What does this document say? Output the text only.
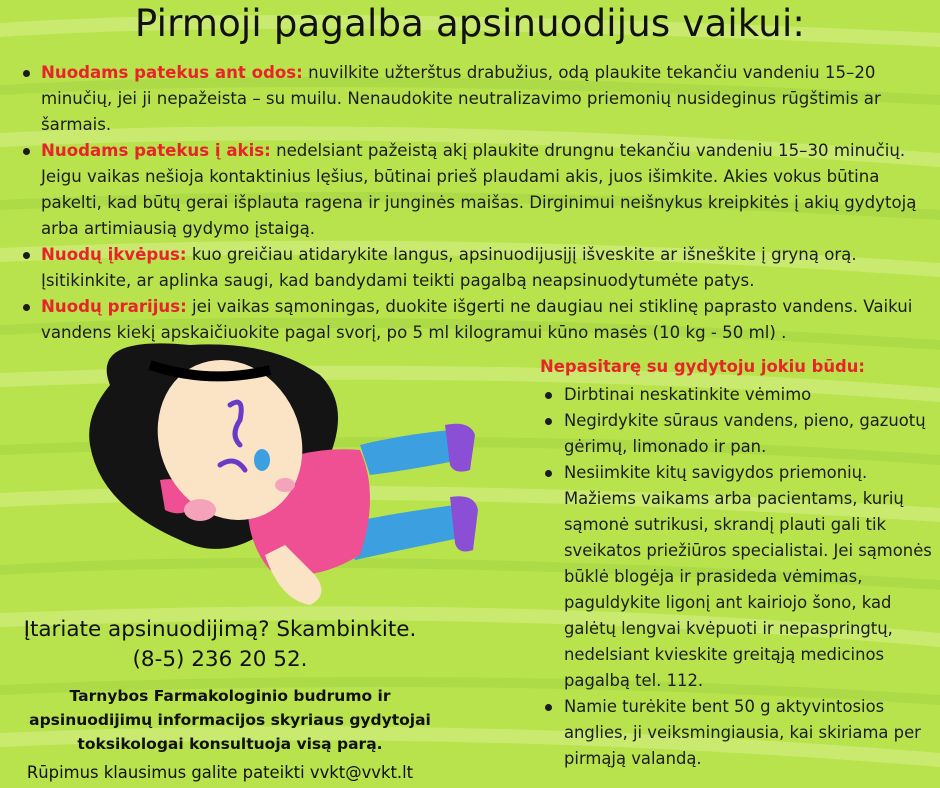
Pirmoji pagalba apsinuodijus vaikui:
Nuodams patekus ant odos: nuvilkite užterštus drabužius, odą plaukite tekančiu vandeniu 15–20 minučių, jei ji nepažeista – su muilu. Nenaudokite neutralizavimo priemonių nusideginus rūgštimis ar šarmais.
Nuodams patekus į akis: nedelsiant pažeistą akį plaukite drungnu tekančiu vandeniu 15–30 minučių. Jeigu vaikas nešioja kontaktinius lęšius, būtinai prieš plaudami akis, juos išimkite. Akies vokus būtina pakelti, kad būtų gerai išplauta ragena ir junginės maišas. Dirginimui neišnykus kreipkitės į akių gydytoją arba artimiausią gydymo įstaigą.
Nuodų įkvėpus: kuo greičiau atidarykite langus, apsinuodijusįjį išveskite ar išneškite į gryną orą. Įsitikinkite, ar aplinka saugi, kad bandydami teikti pagalbą neapsinuodytumėte patys.
Nuodų prarijus: jei vaikas sąmoningas, duokite išgerti ne daugiau nei stiklinę paprasto vandens. Vaikui vandens kiekį apskaičiuokite pagal svorį, po 5 ml kilogramui kūno masės (10 kg - 50 ml) .
Nepasitarę su gydytoju jokiu būdu:
Dirbtinai neskatinkite vėmimo
Negirdykite sūraus vandens, pieno, gazuotų gėrimų, limonado ir pan.
Nesiimkite kitų savigydos priemonių. Mažiems vaikams arba pacientams, kurių sąmonė sutrikusi, skrandį plauti gali tik sveikatos priežiūros specialistai. Jei sąmonės būklė blogėja ir prasideda vėmimas, paguldykite ligonį ant kairiojo šono, kad galėtų lengvai kvėpuoti ir nepaspringtų, nedelsiant kvieskite greitąją medicinos pagalbą tel. 112.
Namie turėkite bent 50 g aktyvintosios anglies, ji veiksmingiausia, kai skiriama per pirmąją valandą.
Įtariate apsinuodijimą? Skambinkite.
(8-5) 236 20 52.
Tarnybos Farmakologinio budrumo ir apsinuodijimų informacijos skyriaus gydytojai toksikologai konsultuoja visą parą.
Rūpimus klausimus galite pateikti vvkt@vvkt.lt
